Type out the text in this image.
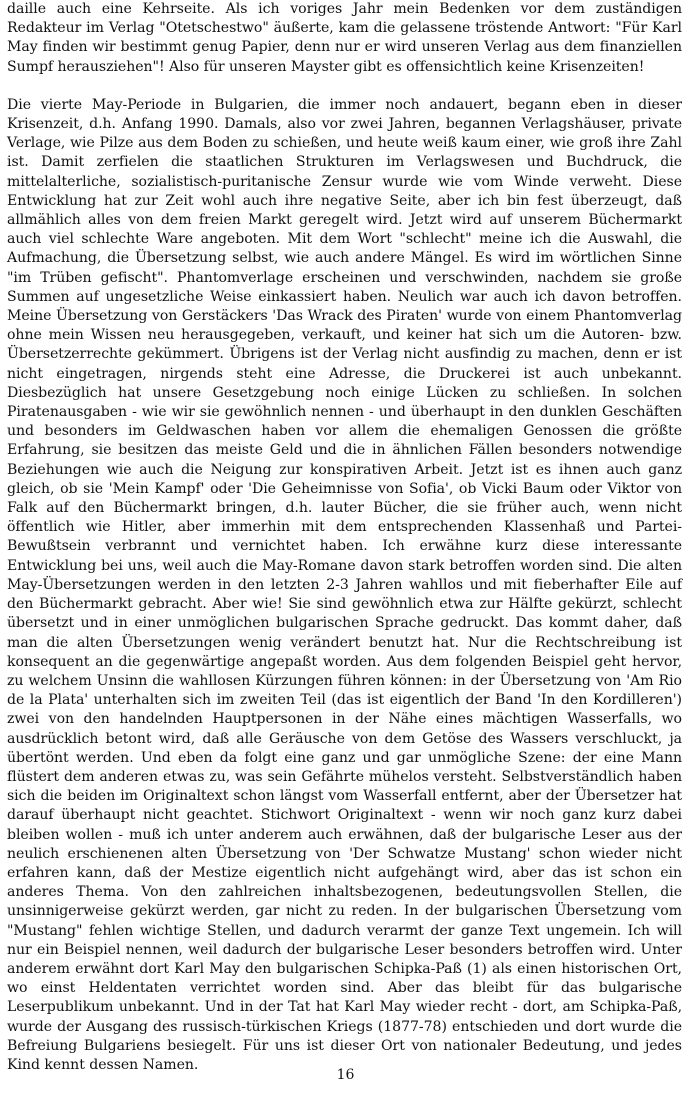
daille auch eine Kehrseite. Als ich voriges Jahr mein Bedenken vor dem zuständigen Redakteur im Verlag "Otetschestwo" äußerte, kam die gelassene tröstende Antwort: "Für Karl May finden wir bestimmt genug Papier, denn nur er wird unseren Verlag aus dem finanziellen Sumpf herausziehen"! Also für unseren Mayster gibt es offensichtlich keine Krisenzeiten!

Die vierte May-Periode in Bulgarien, die immer noch andauert, begann eben in dieser Krisenzeit, d.h. Anfang 1990. Damals, also vor zwei Jahren, begannen Verlagshäuser, private Verlage, wie Pilze aus dem Boden zu schießen, und heute weiß kaum einer, wie groß ihre Zahl ist. Damit zerfielen die staatlichen Strukturen im Verlagswesen und Buchdruck, die mittelalterliche, sozialistisch-puritanische Zensur wurde wie vom Winde verweht. Diese Entwicklung hat zur Zeit wohl auch ihre negative Seite, aber ich bin fest überzeugt, daß allmählich alles von dem freien Markt geregelt wird. Jetzt wird auf unserem Büchermarkt auch viel schlechte Ware angeboten. Mit dem Wort "schlecht" meine ich die Auswahl, die Aufmachung, die Übersetzung selbst, wie auch andere Mängel. Es wird im wörtlichen Sinne "im Trüben gefischt". Phantomverlage erscheinen und verschwinden, nachdem sie große Summen auf ungesetzliche Weise einkassiert haben. Neulich war auch ich davon betroffen. Meine Übersetzung von Gerstäckers 'Das Wrack des Piraten' wurde von einem Phantomverlag ohne mein Wissen neu herausgegeben, verkauft, und keiner hat sich um die Autoren- bzw. Übersetzerrechte gekümmert. Übrigens ist der Verlag nicht ausfindig zu machen, denn er ist nicht eingetragen, nirgends steht eine Adresse, die Druckerei ist auch unbekannt. Diesbezüglich hat unsere Gesetzgebung noch einige Lücken zu schließen. In solchen Piratenausgaben - wie wir sie gewöhnlich nennen - und überhaupt in den dunklen Geschäften und besonders im Geldwaschen haben vor allem die ehemaligen Genossen die größte Erfahrung, sie besitzen das meiste Geld und die in ähnlichen Fällen besonders notwendige Beziehungen wie auch die Neigung zur konspirativen Arbeit. Jetzt ist es ihnen auch ganz gleich, ob sie 'Mein Kampf' oder 'Die Geheimnisse von Sofia', ob Vicki Baum oder Viktor von Falk auf den Büchermarkt bringen, d.h. lauter Bücher, die sie früher auch, wenn nicht öffentlich wie Hitler, aber immerhin mit dem entsprechenden Klassenhaß und Partei-Bewußtsein verbrannt und vernichtet haben. Ich erwähne kurz diese interessante Entwicklung bei uns, weil auch die May-Romane davon stark betroffen worden sind. Die alten May-Übersetzungen werden in den letzten 2-3 Jahren wahllos und mit fieberhafter Eile auf den Büchermarkt gebracht. Aber wie! Sie sind gewöhnlich etwa zur Hälfte gekürzt, schlecht übersetzt und in einer unmöglichen bulgarischen Sprache gedruckt. Das kommt daher, daß man die alten Übersetzungen wenig verändert benutzt hat. Nur die Rechtschreibung ist konsequent an die gegenwärtige angepaßt worden. Aus dem folgenden Beispiel geht hervor, zu welchem Unsinn die wahllosen Kürzungen führen können: in der Übersetzung von 'Am Rio de la Plata' unterhalten sich im zweiten Teil (das ist eigentlich der Band 'In den Kordilleren') zwei von den handelnden Hauptpersonen in der Nähe eines mächtigen Wasserfalls, wo ausdrücklich betont wird, daß alle Geräusche von dem Getöse des Wassers verschluckt, ja übertönt werden. Und eben da folgt eine ganz und gar unmögliche Szene: der eine Mann flüstert dem anderen etwas zu, was sein Gefährte mühelos versteht. Selbstverständlich haben sich die beiden im Originaltext schon längst vom Wasserfall entfernt, aber der Übersetzer hat darauf überhaupt nicht geachtet. Stichwort Originaltext - wenn wir noch ganz kurz dabei bleiben wollen - muß ich unter anderem auch erwähnen, daß der bulgarische Leser aus der neulich erschienenen alten Übersetzung von 'Der Schwatze Mustang' schon wieder nicht erfahren kann, daß der Mestize eigentlich nicht aufgehängt wird, aber das ist schon ein anderes Thema. Von den zahlreichen inhaltsbezogenen, bedeutungsvollen Stellen, die unsinnigerweise gekürzt werden, gar nicht zu reden. In der bulgarischen Übersetzung vom "Mustang" fehlen wichtige Stellen, und dadurch verarmt der ganze Text ungemein. Ich will nur ein Beispiel nennen, weil dadurch der bulgarische Leser besonders betroffen wird. Unter anderem erwähnt dort Karl May den bulgarischen Schipka-Paß (1) als einen historischen Ort, wo einst Heldentaten verrichtet worden sind. Aber das bleibt für das bulgarische Leserpublikum unbekannt. Und in der Tat hat Karl May wieder recht - dort, am Schipka-Paß, wurde der Ausgang des russisch-türkischen Kriegs (1877-78) entschieden und dort wurde die Befreiung Bulgariens besiegelt. Für uns ist dieser Ort von nationaler Bedeutung, und jedes Kind kennt dessen Namen.

16
